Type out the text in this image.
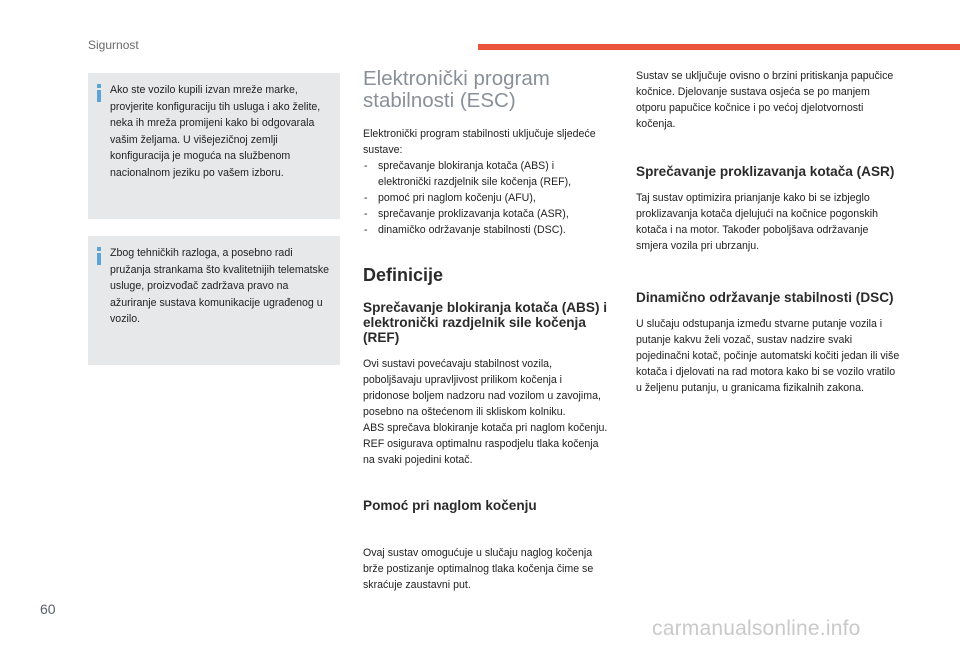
Sigurnost

Ako ste vozilo kupili izvan mreže marke, provjerite konfiguraciju tih usluga i ako želite, neka ih mreža promijeni kako bi odgovarala vašim željama. U višejezičnoj zemlji konfiguracija je moguća na službenom nacionalnom jeziku po vašem izboru.

Zbog tehničkih razloga, a posebno radi pružanja strankama što kvalitetnijih telematske usluge, proizvođač zadržava pravo na ažuriranje sustava komunikacije ugrađenog u vozilo.

Elektronički program
stabilnosti (ESC)

Elektronički program stabilnosti uključuje sljedeće sustave:

- sprečavanje blokiranja kotača (ABS) i elektronički razdjelnik sile kočenja (REF),
- pomoć pri naglom kočenju (AFU),
- sprečavanje proklizavanja kotača (ASR),
- dinamičko održavanje stabilnosti (DSC).
Definicije
Sprečavanje blokiranja kotača (ABS) i elektronički razdjelnik sile kočenja (REF)

Ovi sustavi povećavaju stabilnost vozila, poboljšavaju upravljivost prilikom kočenja i pridonose boljem nadzoru nad vozilom u zavojima, posebno na oštećenom ili skliskom kolniku.

ABS sprečava blokiranje kotača pri naglom kočenju.

REF osigurava optimalnu raspodjelu tlaka kočenja na svaki pojedini kotač.

Pomoć pri naglom kočenju

Ovaj sustav omogućuje u slučaju naglog kočenja brže postizanje optimalnog tlaka kočenja čime se skraćuje zaustavni put.

Sustav se uključuje ovisno o brzini pritiskanja papučice kočnice. Djelovanje sustava osjeća se po manjem otporu papučice kočnice i po većoj djelotvornosti kočenja.

Sprečavanje proklizavanja kotača (ASR)

Taj sustav optimizira prianjanje kako bi se izbjeglo proklizavanja kotača djelujući na kočnice pogonskih kotača i na motor. Također poboljšava održavanje smjera vozila pri ubrzanju.

Dinamično održavanje stabilnosti (DSC)

U slučaju odstupanja između stvarne putanje vozila i putanje kakvu želi vozač, sustav nadzire svaki pojedinačni kotač, počinje automatski kočiti jedan ili više kotača i djelovati na rad motora kako bi se vozilo vratilo u željenu putanju, u granicama fizikalnih zakona.

60
carmanualsonline.info
